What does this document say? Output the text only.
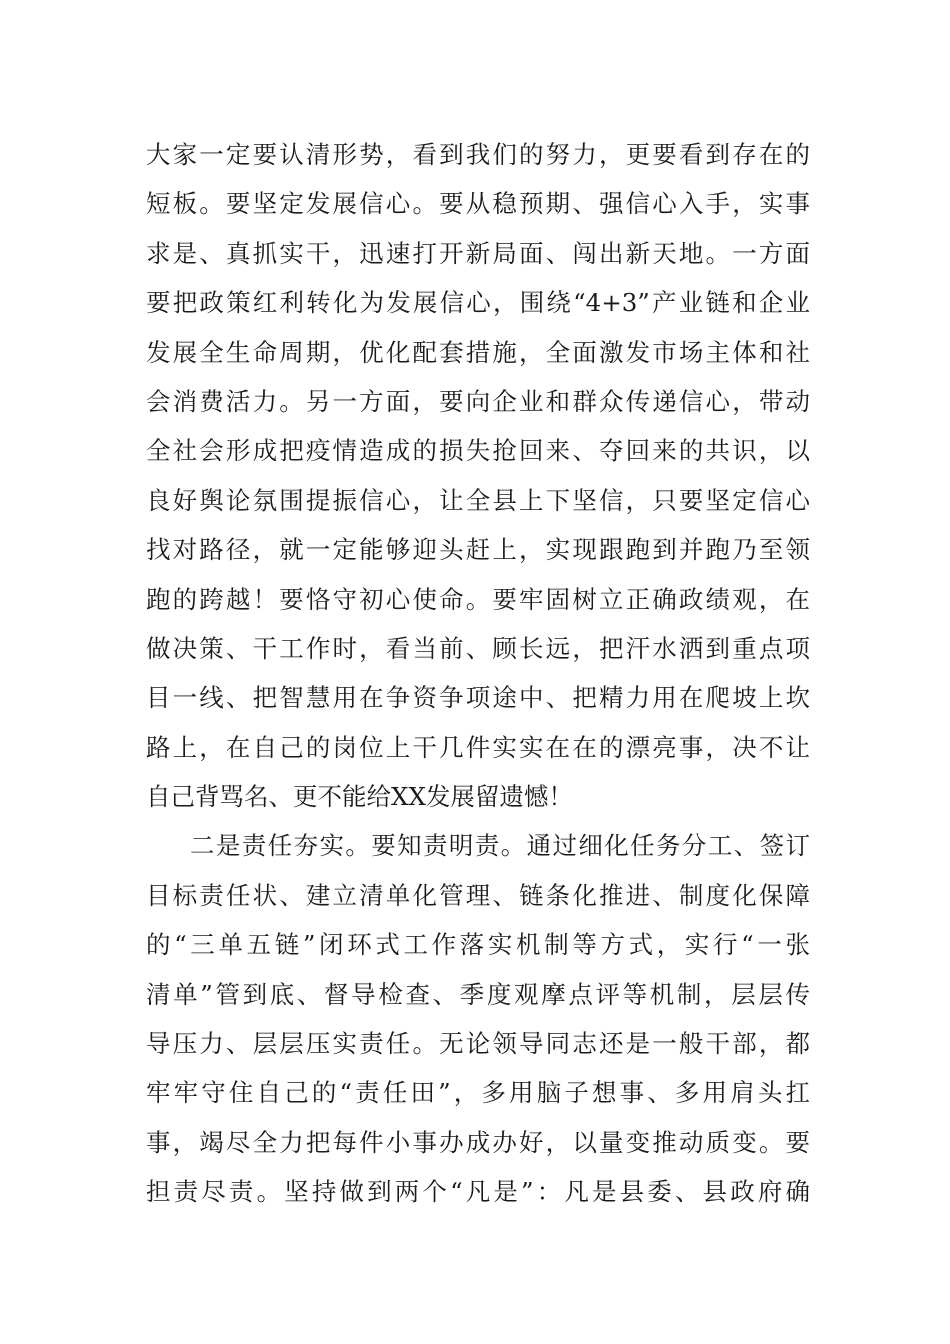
大家一定要认清形势，看到我们的努力，更要看到存在的
短板。要坚定发展信心。要从稳预期、强信心入手，实事
求是、真抓实干，迅速打开新局面、闯出新天地。一方面
要把政策红利转化为发展信心，围绕“4+3”产业链和企业
发展全生命周期，优化配套措施，全面激发市场主体和社
会消费活力。另一方面，要向企业和群众传递信心，带动
全社会形成把疫情造成的损失抢回来、夺回来的共识，以
良好舆论氛围提振信心，让全县上下坚信，只要坚定信心
找对路径，就一定能够迎头赶上，实现跟跑到并跑乃至领
跑的跨越！要恪守初心使命。要牢固树立正确政绩观，在
做决策、干工作时，看当前、顾长远，把汗水洒到重点项
目一线、把智慧用在争资争项途中、把精力用在爬坡上坎
路上，在自己的岗位上干几件实实在在的漂亮事，决不让
自己背骂名、更不能给XX发展留遗憾！
二是责任夯实。要知责明责。通过细化任务分工、签订
目标责任状、建立清单化管理、链条化推进、制度化保障
的“三单五链”闭环式工作落实机制等方式，实行“一张
清单”管到底、督导检查、季度观摩点评等机制，层层传
导压力、层层压实责任。无论领导同志还是一般干部，都
牢牢守住自己的“责任田”，多用脑子想事、多用肩头扛
事，竭尽全力把每件小事办成办好，以量变推动质变。要
担责尽责。坚持做到两个“凡是”：凡是县委、县政府确
